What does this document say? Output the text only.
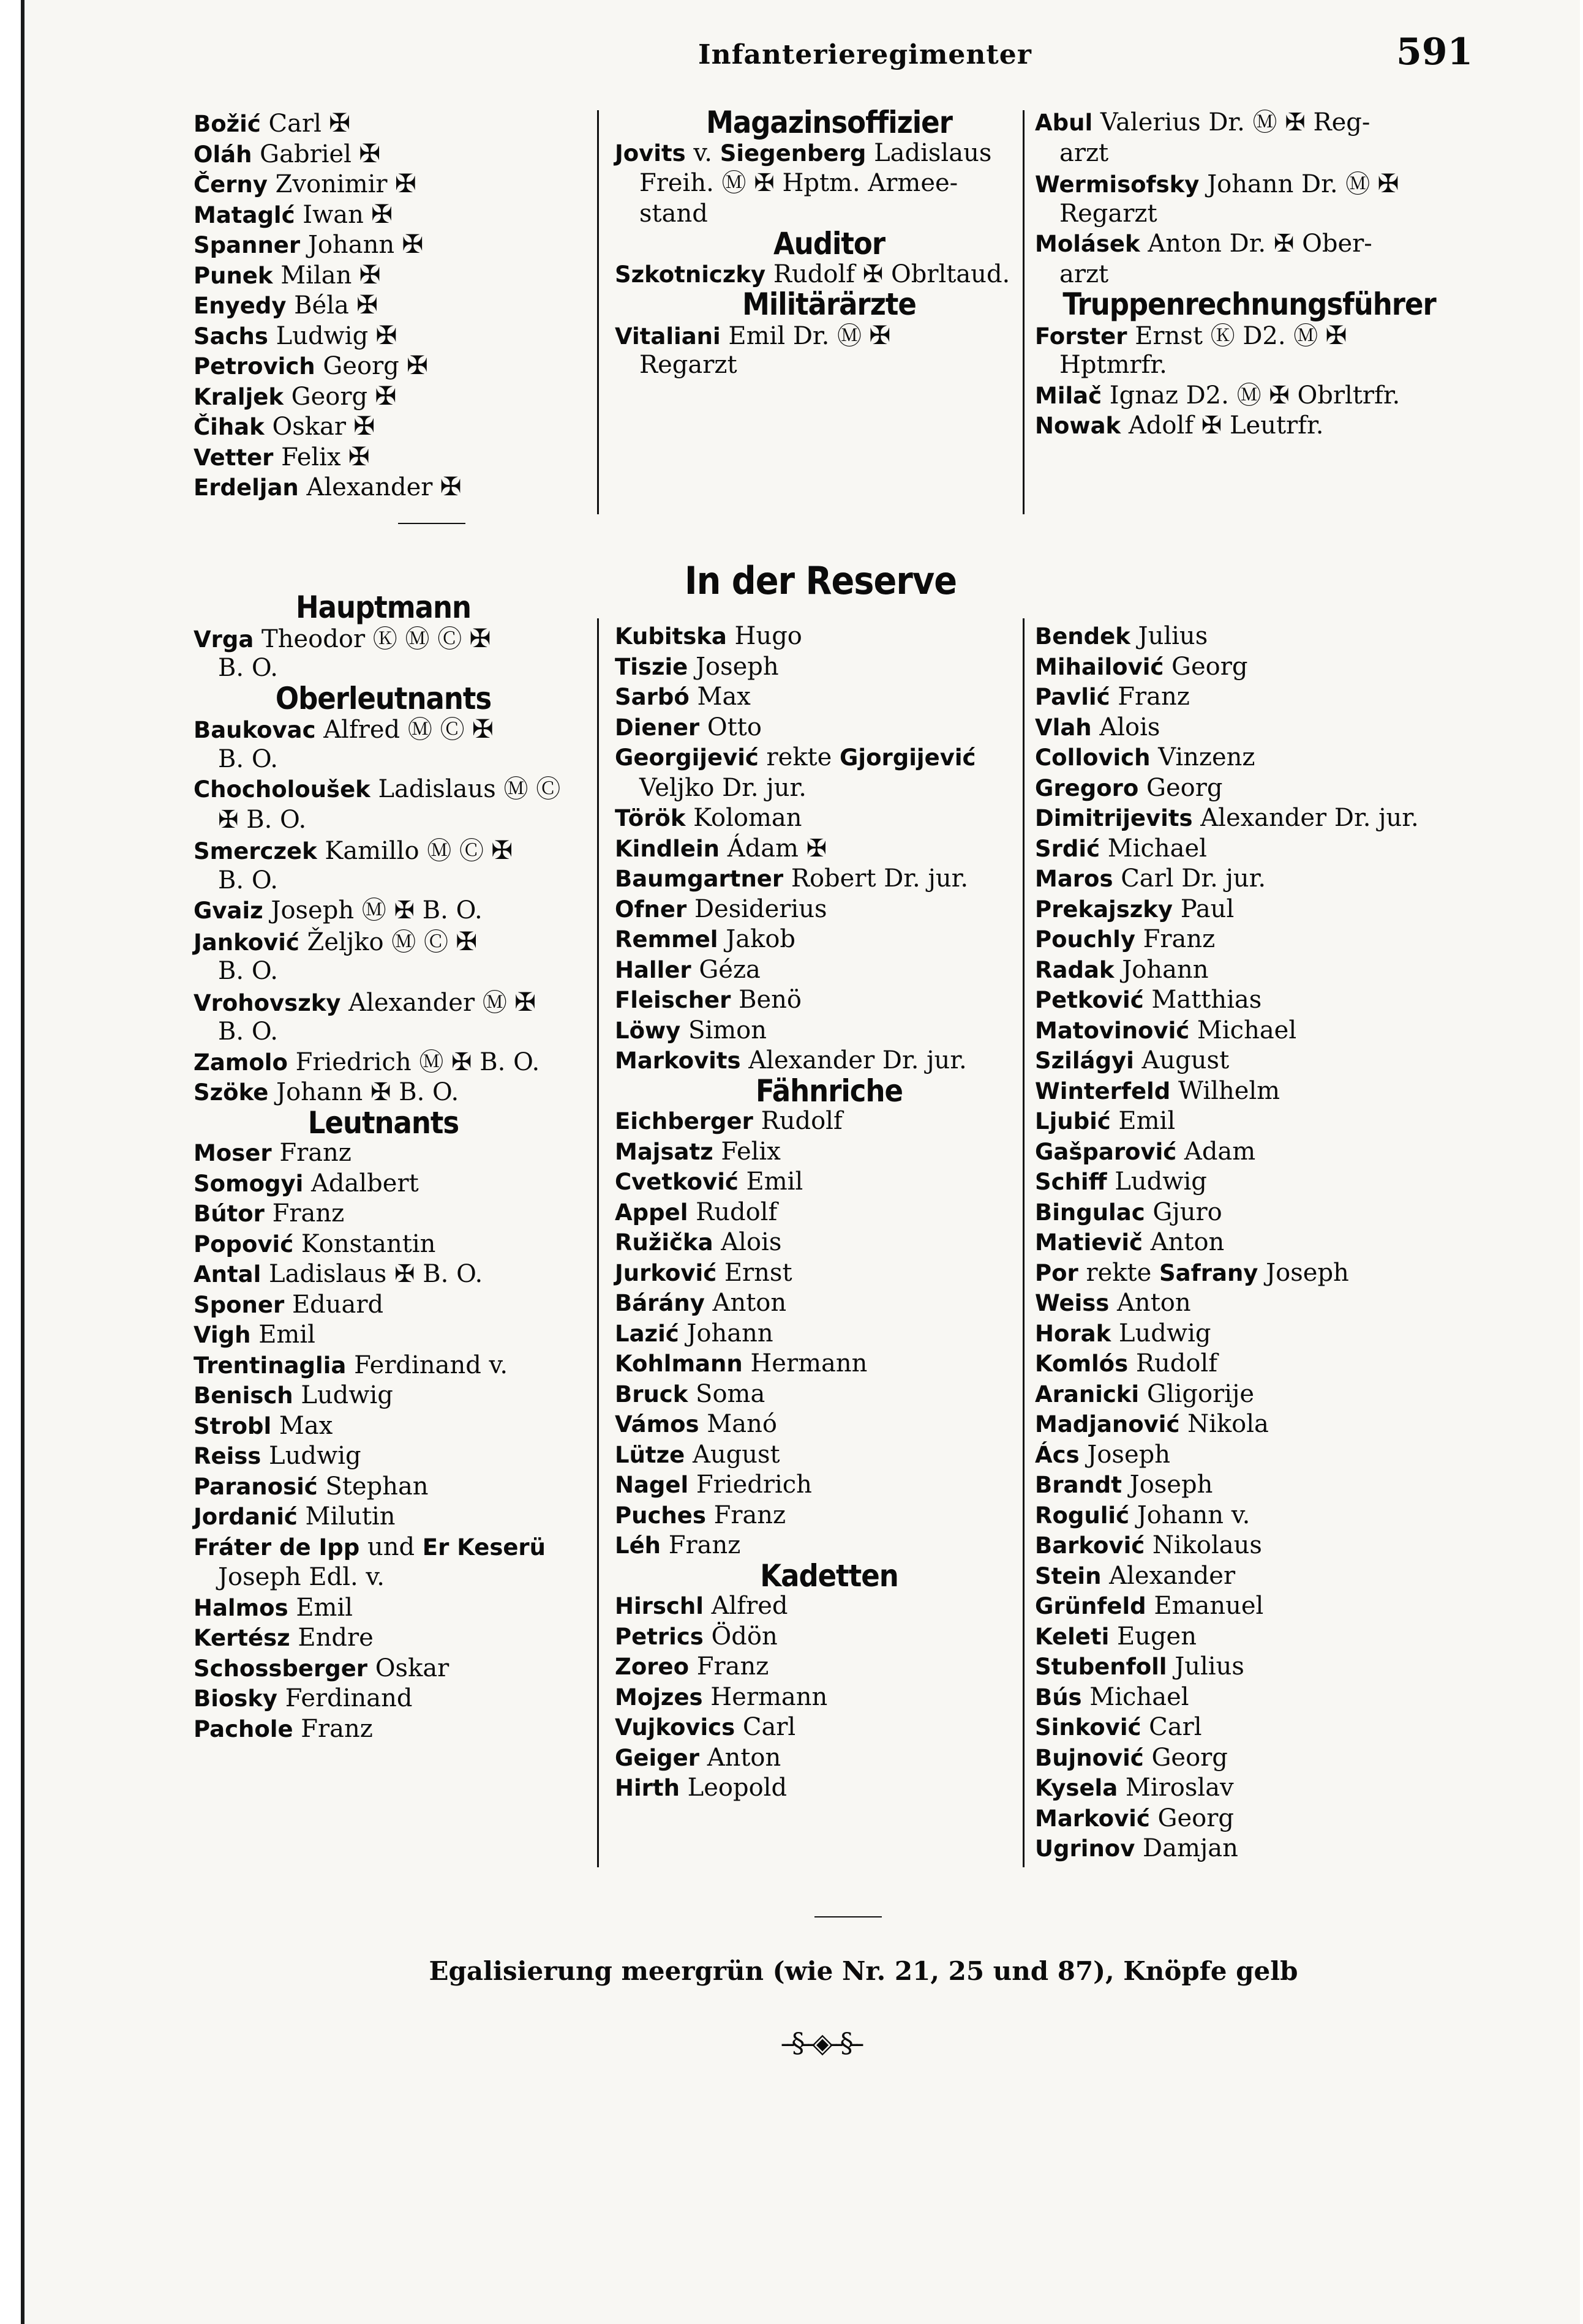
Infanterieregimenter	591
Božić Carl ✠
Oláh Gabriel ✠
Černy Zvonimir ✠
Mataglć Iwan ✠
Spanner Johann ✠
Punek Milan ✠
Enyedy Béla ✠
Sachs Ludwig ✠
Petrovich Georg ✠
Kraljek Georg ✠
Čihak Oskar ✠
Vetter Felix ✠
Erdeljan Alexander ✠
Hauptmann
Vrga Theodor Ⓚ Ⓜ Ⓒ ✠
B. O.
Oberleutnants
Baukovac Alfred Ⓜ Ⓒ ✠
B. O.
Chocholoušek Ladislaus Ⓜ Ⓒ
✠ B. O.
Smerczek Kamillo Ⓜ Ⓒ ✠
B. O.
Gvaiz Joseph Ⓜ ✠ B. O.
Janković Željko Ⓜ Ⓒ ✠
B. O.
Vrohovszky Alexander Ⓜ ✠
B. O.
Zamolo Friedrich Ⓜ ✠ B. O.
Szöke Johann ✠ B. O.
Leutnants
Moser Franz
Somogyi Adalbert
Bútor Franz
Popović Konstantin
Antal Ladislaus ✠ B. O.
Sponer Eduard
Vigh Emil
Trentinaglia Ferdinand v.
Benisch Ludwig
Strobl Max
Reiss Ludwig
Paranosić Stephan
Jordanić Milutin
Fráter de Ipp und Er Keserü
Joseph Edl. v.
Halmos Emil
Kertész Endre
Schossberger Oskar
Biosky Ferdinand
Pachole Franz
Magazinsoffizier
Jovits v. Siegenberg Ladislaus
Freih. Ⓜ ✠ Hptm. Armee-
stand
Auditor
Szkotniczky Rudolf ✠ Obrltaud.
Militärärzte
Vitaliani Emil Dr. Ⓜ ✠
Regarzt
Abul Valerius Dr. Ⓜ ✠ Reg-
arzt
Wermisofsky Johann Dr. Ⓜ ✠
Regarzt
Molásek Anton Dr. ✠ Ober-
arzt
Truppenrechnungsführer
Forster Ernst Ⓚ D2. Ⓜ ✠
Hptmrfr.
Milač Ignaz D2. Ⓜ ✠ Obrltrfr.
Nowak Adolf ✠ Leutrfr.
In der Reserve
Kubitska Hugo
Tiszie Joseph
Sarbó Max
Diener Otto
Georgijević rekte Gjorgijević
Veljko Dr. jur.
Török Koloman
Kindlein Ádam ✠
Baumgartner Robert Dr. jur.
Ofner Desiderius
Remmel Jakob
Haller Géza
Fleischer Benö
Löwy Simon
Markovits Alexander Dr. jur.
Fähnriche
Eichberger Rudolf
Majsatz Felix
Cvetković Emil
Appel Rudolf
Ružička Alois
Jurković Ernst
Bárány Anton
Lazić Johann
Kohlmann Hermann
Bruck Soma
Vámos Manó
Lütze August
Nagel Friedrich
Puches Franz
Léh Franz
Kadetten
Hirschl Alfred
Petrics Ödön
Zoreo Franz
Mojzes Hermann
Vujkovics Carl
Geiger Anton
Hirth Leopold
Bendek Julius
Mihailović Georg
Pavlić Franz
Vlah Alois
Collovich Vinzenz
Gregoro Georg
Dimitrijevits Alexander Dr. jur.
Srdić Michael
Maros Carl Dr. jur.
Prekajszky Paul
Pouchly Franz
Radak Johann
Petković Matthias
Matovinović Michael
Szilágyi August
Winterfeld Wilhelm
Ljubić Emil
Gašparović Adam
Schiff Ludwig
Bingulac Gjuro
Matievič Anton
Por rekte Safrany Joseph
Weiss Anton
Horak Ludwig
Komlós Rudolf
Aranicki Gligorije
Madjanović Nikola
Ács Joseph
Brandt Joseph
Rogulić Johann v.
Barković Nikolaus
Stein Alexander
Grünfeld Emanuel
Keleti Eugen
Stubenfoll Julius
Bús Michael
Sinković Carl
Bujnović Georg
Kysela Miroslav
Marković Georg
Ugrinov Damjan
Egalisierung meergrün (wie Nr. 21, 25 und 87), Knöpfe gelb
‐‐§‐‐◈‐‐§‐‐
